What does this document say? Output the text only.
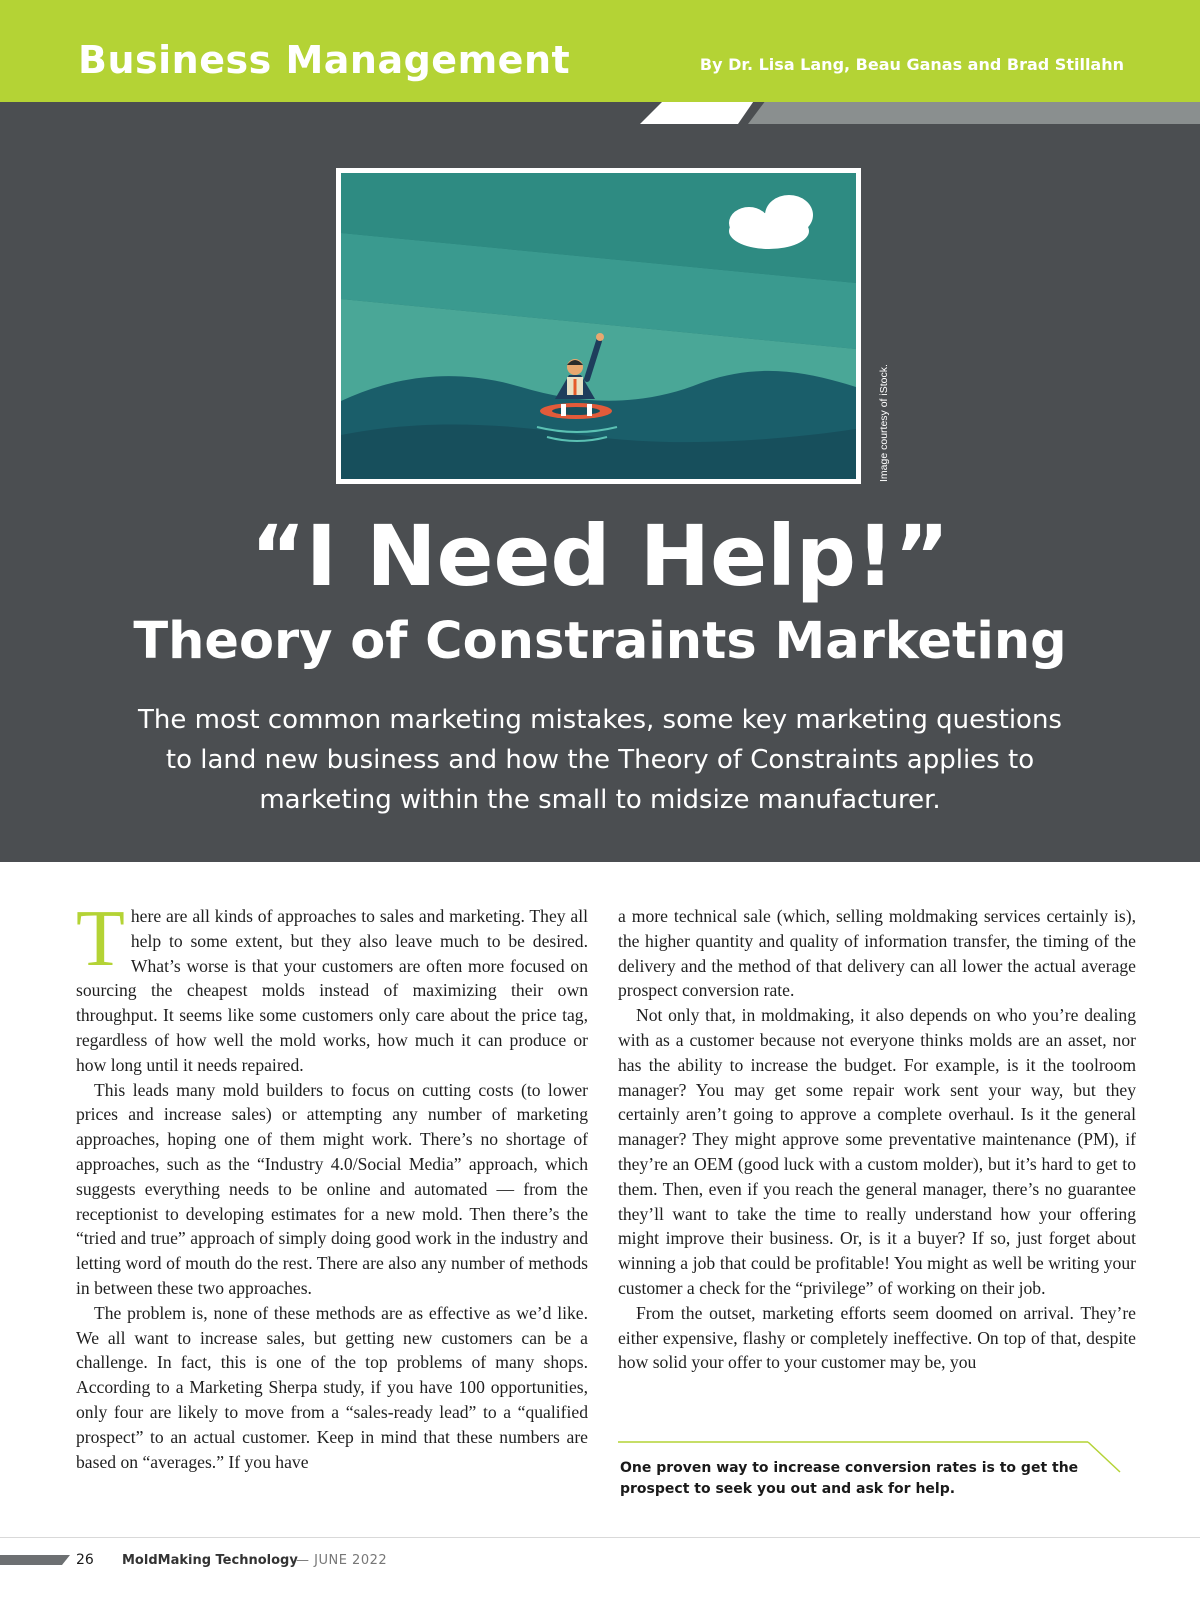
Business Management	By Dr. Lisa Lang, Beau Ganas and Brad Stillahn
Image courtesy of iStock.
“I Need Help!”
Theory of Constraints Marketing
The most common marketing mistakes, some key marketing questions to land new business and how the Theory of Constraints applies to marketing within the small to midsize manufacturer.

There are all kinds of approaches to sales and marketing. They all help to some extent, but they also leave much to be desired. What’s worse is that your customers are often more focused on sourcing the cheapest molds instead of maximizing their own throughput. It seems like some customers only care about the price tag, regardless of how well the mold works, how much it can produce or how long until it needs repaired.

This leads many mold builders to focus on cutting costs (to lower prices and increase sales) or attempting any number of marketing approaches, hoping one of them might work. There’s no shortage of approaches, such as the “Industry 4.0/Social Media” approach, which suggests everything needs to be online and automated — from the receptionist to developing estimates for a new mold. Then there’s the “tried and true” approach of simply doing good work in the industry and letting word of mouth do the rest. There are also any number of methods in between these two approaches.

The problem is, none of these methods are as effective as we’d like. We all want to increase sales, but getting new customers can be a challenge. In fact, this is one of the top problems of many shops. According to a Marketing Sherpa study, if you have 100 opportunities, only four are likely to move from a “sales-ready lead” to a “qualified prospect” to an actual customer. Keep in mind that these numbers are based on “averages.” If you have

a more technical sale (which, selling moldmaking services certainly is), the higher quantity and quality of information transfer, the timing of the delivery and the method of that delivery can all lower the actual average prospect conversion rate.

Not only that, in moldmaking, it also depends on who you’re dealing with as a customer because not everyone thinks molds are an asset, nor has the ability to increase the budget. For example, is it the toolroom manager? You may get some repair work sent your way, but they certainly aren’t going to approve a complete overhaul. Is it the general manager? They might approve some preventative maintenance (PM), if they’re an OEM (good luck with a custom molder), but it’s hard to get to them. Then, even if you reach the general manager, there’s no guarantee they’ll want to take the time to really understand how your offering might improve their business. Or, is it a buyer? If so, just forget about winning a job that could be profitable! You might as well be writing your customer a check for the “privilege” of working on their job.

From the outset, marketing efforts seem doomed on arrival. They’re either expensive, flashy or completely ineffective. On top of that, despite how solid your offer to your customer may be, you

One proven way to increase conversion rates is to get the prospect to seek you out and ask for help.
26 MoldMaking Technology
— JUNE 2022
